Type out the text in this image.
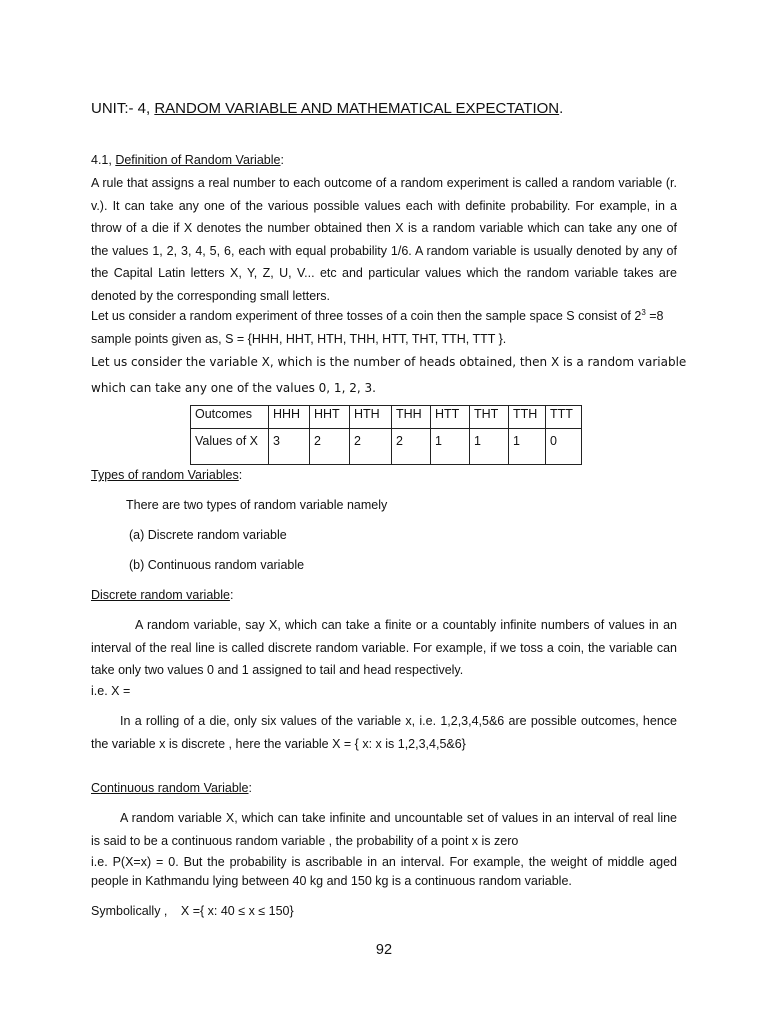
UNIT:- 4, RANDOM VARIABLE AND MATHEMATICAL EXPECTATION.
4.1, Definition of Random Variable:
A rule that assigns a real number to each outcome of a random experiment is called a random variable (r. v.). It can take any one of the various possible values each with definite probability. For example, in a throw of a die if X denotes the number obtained then X is a random variable which can take any one of the values 1, 2, 3, 4, 5, 6, each with equal probability 1/6. A random variable is usually denoted by any of the Capital Latin letters X, Y, Z, U, V... etc and particular values which the random variable takes are denoted by the corresponding small letters.
Let us consider a random experiment of three tosses of a coin then the sample space S consist of $2^3 =8$
sample points given as, S = {HHH, HHT, HTH, THH, HTT, THT, TTH, TTT }.
Let us consider the variable X, which is the number of heads obtained, then X is a random variable
which can take any one of the values 0, 1, 2, 3.
Outcomes	HHH	HHT	HTH	THH	HTT	THT	TTH	TTT
Values of X	3	2	2	2	1	1	1	0
Types of random Variables:
There are two types of random variable namely
(a) Discrete random variable
(b) Continuous random variable
Discrete random variable:
A random variable, say X, which can take a finite or a countably infinite numbers of values in an interval of the real line is called discrete random variable. For example, if we toss a coin, the variable can take only two values 0 and 1 assigned to tail and head respectively.
i.e. X =
In a rolling of a die, only six values of the variable x, i.e. 1,2,3,4,5&6 are possible outcomes, hence the variable x is discrete , here the variable X = { x: x is 1,2,3,4,5&6}
Continuous random Variable:
A random variable X, which can take infinite and uncountable set of values in an interval of real line is said to be a continuous random variable , the probability of a point x is zero
i.e. P(X=x) = 0. But the probability is ascribable in an interval. For example, the weight of middle aged people in Kathmandu lying between 40 kg and 150 kg is a continuous random variable.
Symbolically , X ={ x: 40 ≤ x ≤ 150}
92
